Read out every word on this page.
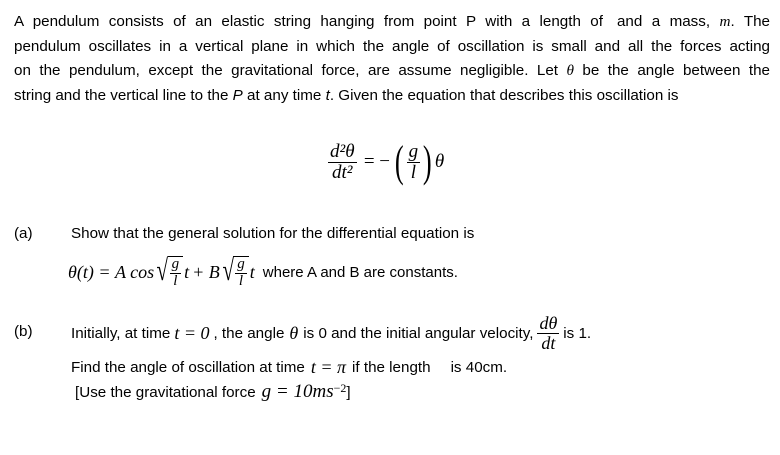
A pendulum consists of an elastic string hanging from point P with a length of and a mass, m. The
pendulum oscillates in a vertical plane in which the angle of oscillation is small and all the forces acting
on the pendulum, except the gravitational force, are assume negligible. Let θ be the angle between the
string and the vertical line to the P at any time t. Given the equation that describes this oscillation is
$\frac{\text{d²θ}}{\text{dt²}}$ = − ( $\frac{g}{l}$ ) θ
(a)	Show that the general solution for the differential equation is
θ(t) = A cos √ $\frac{g}{l}$ t + B √ $\frac{g}{l}$ t where A and B are constants.
(b)	Initially, at time t = 0 , the angle θ is 0 and the initial angular velocity, $\frac{d\theta}{dt}$ is 1.
Find the angle of oscillation at time t = π if the length is 40cm.
[Use the gravitational force $g = 10ms^{-2}$ ]
